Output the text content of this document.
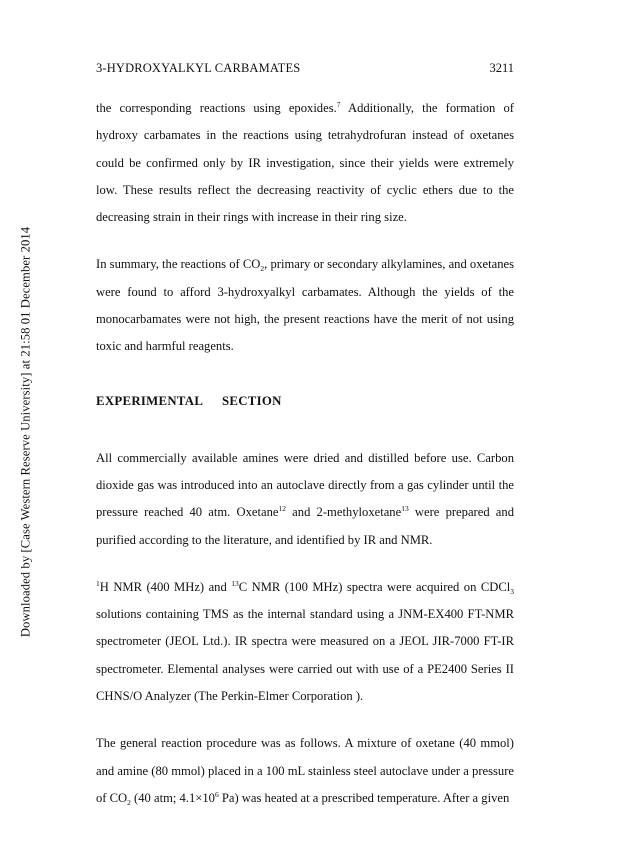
Downloaded by [Case Western Reserve University] at 21:58 01 December 2014
3-HYDROXYALKYL CARBAMATES	3211

the corresponding reactions using epoxides.$^7$ Additionally, the formation of hydroxy carbamates in the reactions using tetrahydrofuran instead of oxetanes could be confirmed only by IR investigation, since their yields were extremely low. These results reflect the decreasing reactivity of cyclic ethers due to the decreasing strain in their rings with increase in their ring size.

In summary, the reactions of $CO_2$, primary or secondary alkylamines, and oxetanes were found to afford 3-hydroxyalkyl carbamates. Although the yields of the monocarbamates were not high, the present reactions have the merit of not using toxic and harmful reagents.

EXPERIMENTAL SECTION

All commercially available amines were dried and distilled before use. Carbon dioxide gas was introduced into an autoclave directly from a gas cylinder until the pressure reached 40 atm. Oxetane$^{12}$ and 2-methyloxetane$^{13}$ were prepared and purified according to the literature, and identified by IR and NMR.

$^1$H NMR (400 MHz) and $^{13}$C NMR (100 MHz) spectra were acquired on CDCl$_3$ solutions containing TMS as the internal standard using a JNM-EX400 FT-NMR spectrometer (JEOL Ltd.). IR spectra were measured on a JEOL JIR-7000 FT-IR spectrometer. Elemental analyses were carried out with use of a PE2400 Series II CHNS/O Analyzer (The Perkin-Elmer Corporation ).

The general reaction procedure was as follows. A mixture of oxetane (40 mmol) and amine (80 mmol) placed in a 100 mL stainless steel autoclave under a pressure of $CO_2$ (40 atm; $4.1\times 10^6$ Pa) was heated at a prescribed temperature. After a given
